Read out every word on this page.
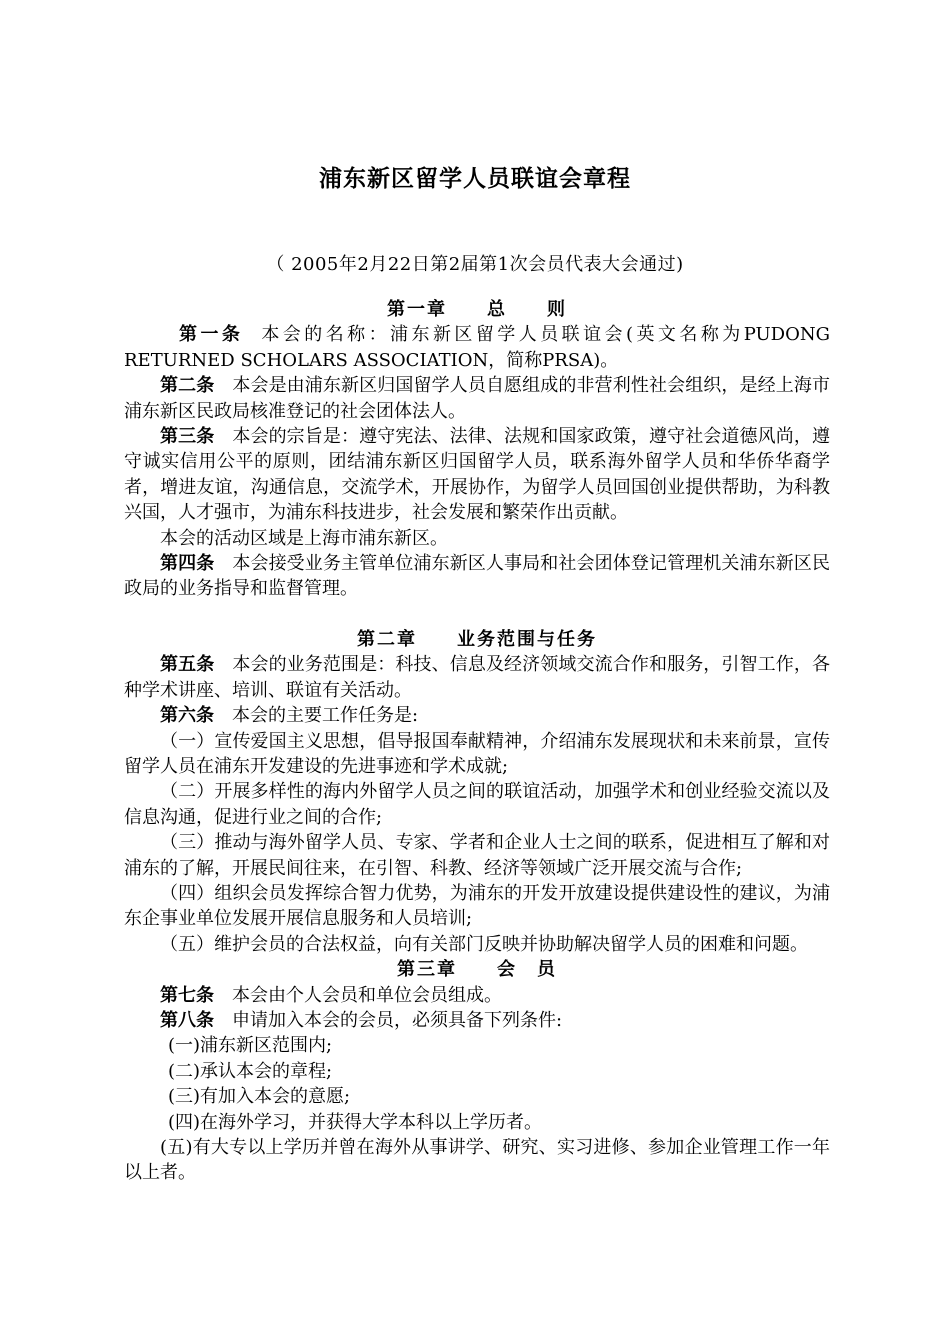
浦东新区留学人员联谊会章程
（ 2005年2月22日第2届第1次会员代表大会通过)
第一章 总　　则
第一条 本会的名称：浦东新区留学人员联谊会(英文名称为PUDONG RETURNED SCHOLARS ASSOCIATION，简称PRSA)。
第二条 本会是由浦东新区归国留学人员自愿组成的非营利性社会组织，是经上海市浦东新区民政局核准登记的社会团体法人。
第三条 本会的宗旨是：遵守宪法、法律、法规和国家政策，遵守社会道德风尚，遵守诚实信用公平的原则，团结浦东新区归国留学人员，联系海外留学人员和华侨华裔学者，增进友谊，沟通信息，交流学术，开展协作，为留学人员回国创业提供帮助，为科教兴国，人才强市，为浦东科技进步，社会发展和繁荣作出贡献。
本会的活动区域是上海市浦东新区。
第四条 本会接受业务主管单位浦东新区人事局和社会团体登记管理机关浦东新区民政局的业务指导和监督管理。
第二章 业务范围与任务
第五条 本会的业务范围是：科技、信息及经济领域交流合作和服务，引智工作，各种学术讲座、培训、联谊有关活动。
第六条 本会的主要工作任务是:
（一）宣传爱国主义思想，倡导报国奉献精神，介绍浦东发展现状和未来前景，宣传留学人员在浦东开发建设的先进事迹和学术成就;
（二）开展多样性的海内外留学人员之间的联谊活动，加强学术和创业经验交流以及信息沟通，促进行业之间的合作;
（三）推动与海外留学人员、专家、学者和企业人士之间的联系，促进相互了解和对浦东的了解，开展民间往来，在引智、科教、经济等领域广泛开展交流与合作;
（四）组织会员发挥综合智力优势，为浦东的开发开放建设提供建设性的建议，为浦东企事业单位发展开展信息服务和人员培训;
（五）维护会员的合法权益，向有关部门反映并协助解决留学人员的困难和问题。
第三章 会　员
第七条 本会由个人会员和单位会员组成。
第八条 申请加入本会的会员，必须具备下列条件:
(一)浦东新区范围内;
(二)承认本会的章程;
(三)有加入本会的意愿;
(四)在海外学习，并获得大学本科以上学历者。
(五)有大专以上学历并曾在海外从事讲学、研究、实习进修、参加企业管理工作一年以上者。
